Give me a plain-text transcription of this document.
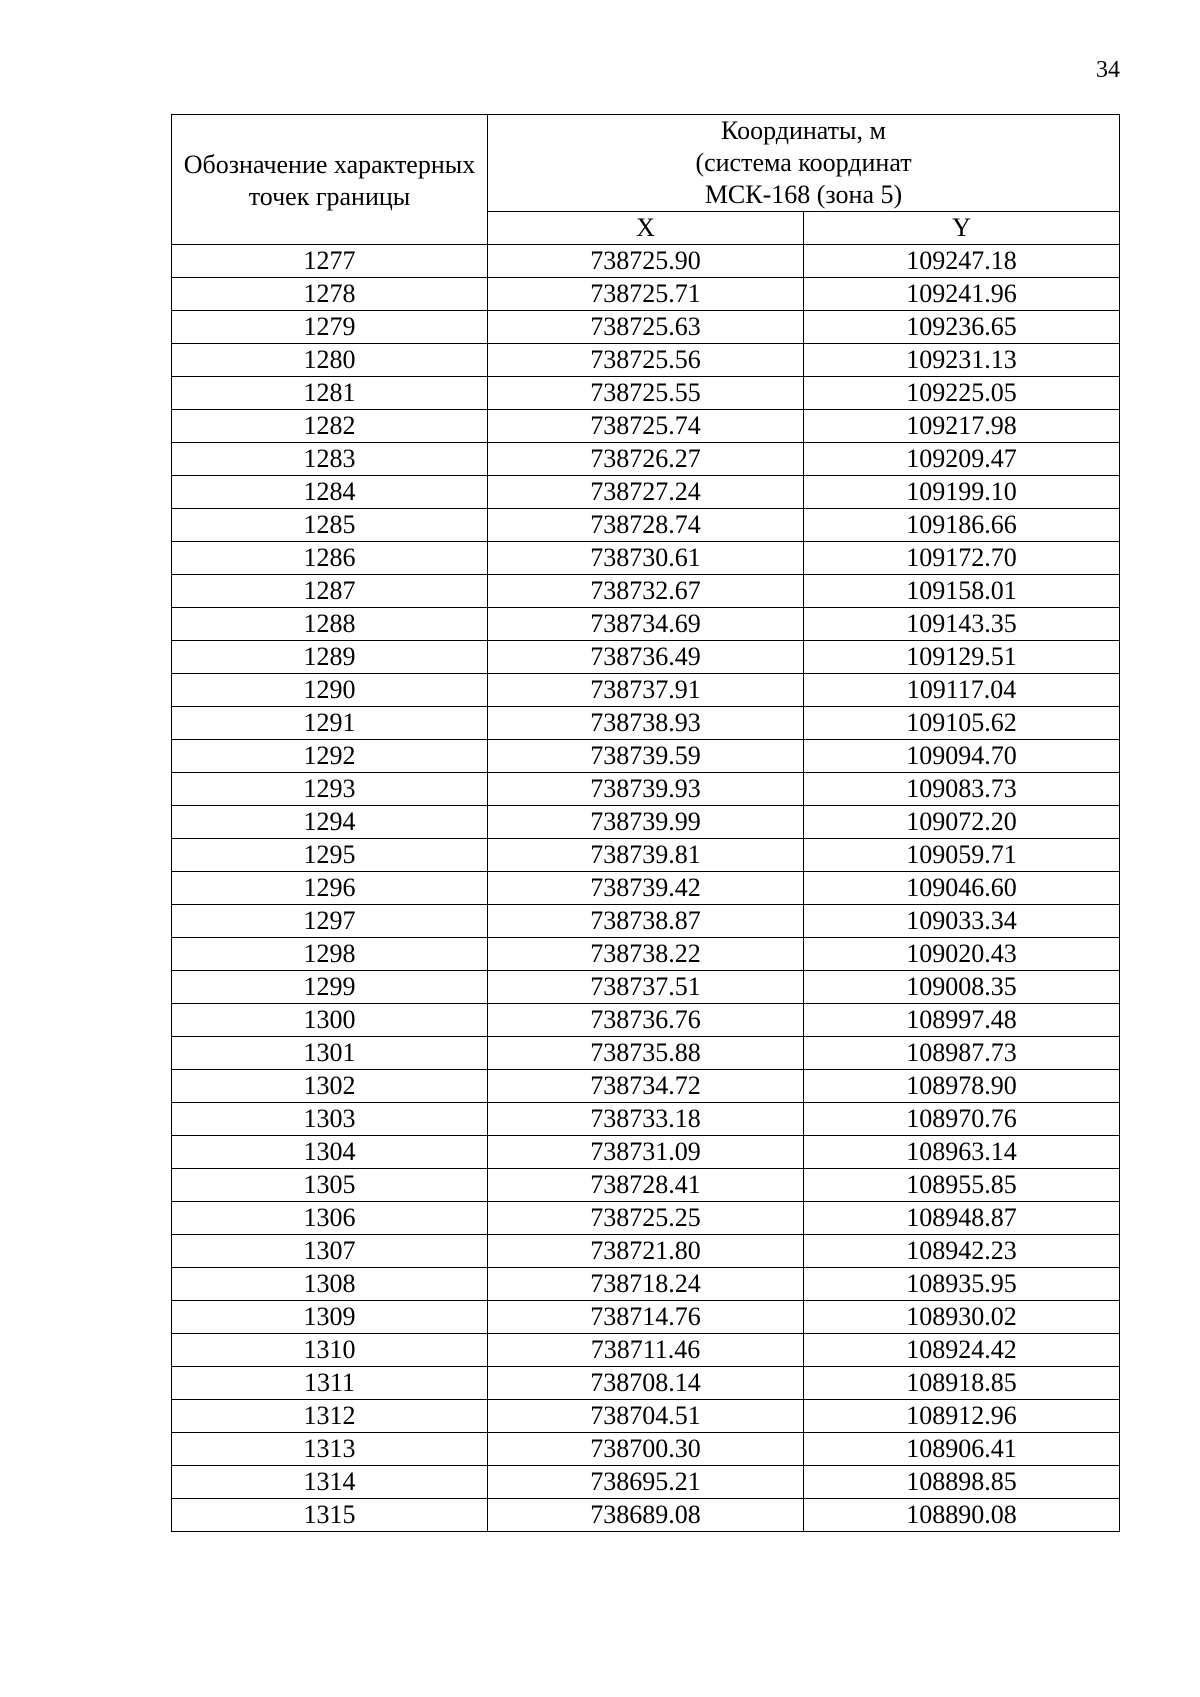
34
Обозначение характерных точек границы	Координаты, м
(система координат
МСК-168 (зона 5)	

	X	Y
1277	738725.90	109247.18
1278	738725.71	109241.96
1279	738725.63	109236.65
1280	738725.56	109231.13
1281	738725.55	109225.05
1282	738725.74	109217.98
1283	738726.27	109209.47
1284	738727.24	109199.10
1285	738728.74	109186.66
1286	738730.61	109172.70
1287	738732.67	109158.01
1288	738734.69	109143.35
1289	738736.49	109129.51
1290	738737.91	109117.04
1291	738738.93	109105.62
1292	738739.59	109094.70
1293	738739.93	109083.73
1294	738739.99	109072.20
1295	738739.81	109059.71
1296	738739.42	109046.60
1297	738738.87	109033.34
1298	738738.22	109020.43
1299	738737.51	109008.35
1300	738736.76	108997.48
1301	738735.88	108987.73
1302	738734.72	108978.90
1303	738733.18	108970.76
1304	738731.09	108963.14
1305	738728.41	108955.85
1306	738725.25	108948.87
1307	738721.80	108942.23
1308	738718.24	108935.95
1309	738714.76	108930.02
1310	738711.46	108924.42
1311	738708.14	108918.85
1312	738704.51	108912.96
1313	738700.30	108906.41
1314	738695.21	108898.85
1315	738689.08	108890.08
